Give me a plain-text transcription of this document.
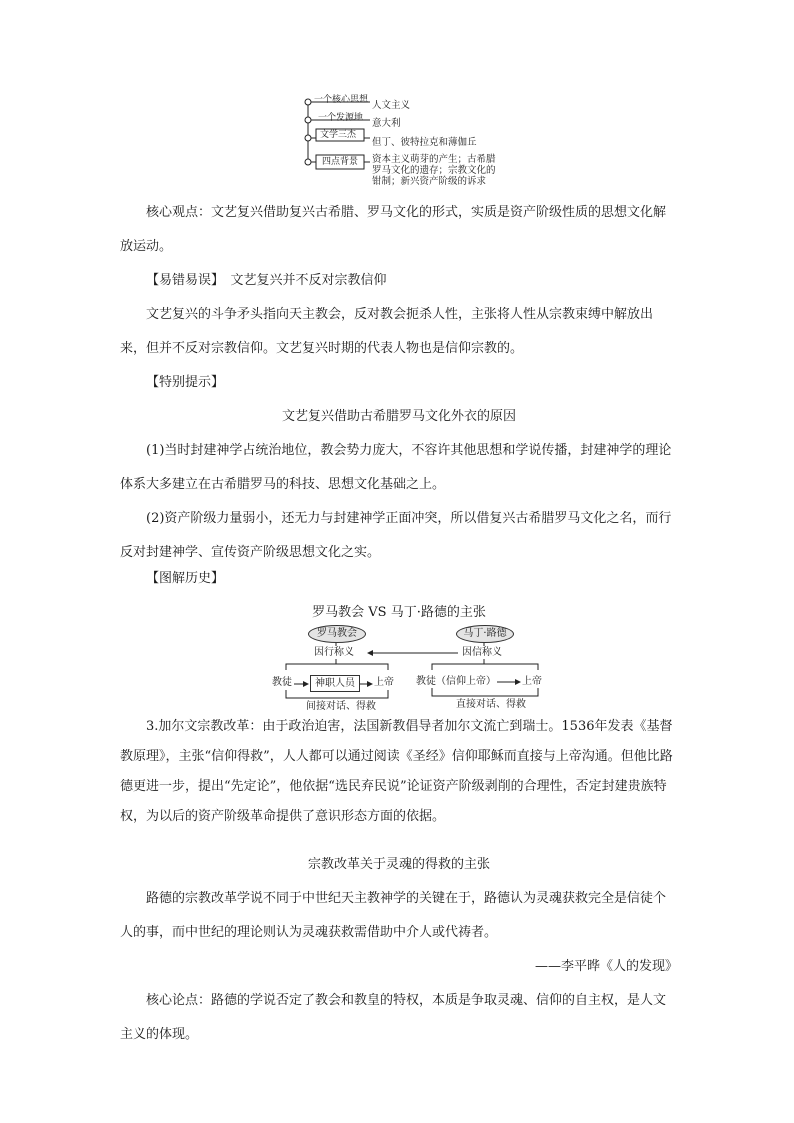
一个核心思想 人文主义
一个发源地 意大利
文学三杰
但丁、彼特拉克和薄伽丘
四点背景 资本主义萌芽的产生；古希腊
罗马文化的遗存；宗教文化的
钳制；新兴资产阶级的诉求

核心观点：文艺复兴借助复兴古希腊、罗马文化的形式，实质是资产阶级性质的思想文化解放运动。

【易错易误】　文艺复兴并不反对宗教信仰

文艺复兴的斗争矛头指向天主教会，反对教会扼杀人性，主张将人性从宗教束缚中解放出来，但并不反对宗教信仰。文艺复兴时期的代表人物也是信仰宗教的。

【特别提示】

文艺复兴借助古希腊罗马文化外衣的原因

(1)当时封建神学占统治地位，教会势力庞大，不容许其他思想和学说传播，封建神学的理论体系大多建立在古希腊罗马的科技、思想文化基础之上。

(2)资产阶级力量弱小，还无力与封建神学正面冲突，所以借复兴古希腊罗马文化之名，而行反对封建神学、宣传资产阶级思想文化之实。

【图解历史】

罗马教会 VS 马丁·路德的主张

罗马教会	马丁·路德
因行称义	因信称义
教徒	神职人员	上帝 教徒（信仰上帝）	上帝
间接对话、得救	直接对话、得救

3.加尔文宗教改革：由于政治迫害，法国新教倡导者加尔文流亡到瑞士。1536年发表《基督教原理》，主张“信仰得救”，人人都可以通过阅读《圣经》信仰耶稣而直接与上帝沟通。但他比路德更进一步，提出“先定论”，他依据“选民弃民说”论证资产阶级剥削的合理性，否定封建贵族特权，为以后的资产阶级革命提供了意识形态方面的依据。

宗教改革关于灵魂的得救的主张

路德的宗教改革学说不同于中世纪天主教神学的关键在于，路德认为灵魂获救完全是信徒个人的事，而中世纪的理论则认为灵魂获救需借助中介人或代祷者。

——李平晔《人的发现》

核心论点：路德的学说否定了教会和教皇的特权，本质是争取灵魂、信仰的自主权，是人文主义的体现。
